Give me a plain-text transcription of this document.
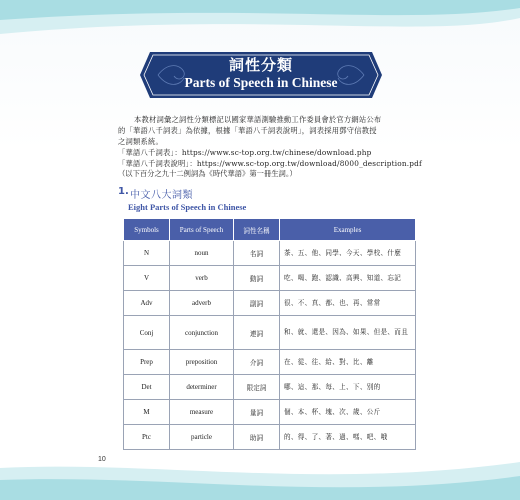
詞性分類
Parts of Speech in Chinese

本教材詞彙之詞性分類標記以國家華語測驗推動工作委員會於官方網站公布

的「華語八千詞表」為依據，根據「華語八千詞表說明」，詞表採用鄧守信教授

之詞類系統。

「華語八千詞表」：https://www.sc-top.org.tw/chinese/download.php

「華語八千詞表說明」：https://www.sc-top.org.tw/download/8000_description.pdf

（以下百分之九十二例詞為《時代華語》第一冊生詞。）
1. 中文八大詞類
Eight Parts of Speech in Chinese
Symbols	Parts of Speech	詞性名稱	Examples
N	noun	名詞	茶、五、他、同學、今天、學校、什麼
V	verb	動詞	吃、喝、跑、認識、高興、知道、忘記
Adv	adverb	副詞	很、不、真、都、也、再、常常
Conj	conjunction	連詞	和、就、還是、因為、如果、但是、而且
Prep	preposition	介詞	在、從、往、給、對、比、離
Det	determiner	限定詞	哪、這、那、每、上、下、別的
M	measure	量詞	個、本、杯、塊、次、歲、公斤
Ptc	particle	助詞	的、得、了、著、過、嗎、吧、哦
10
